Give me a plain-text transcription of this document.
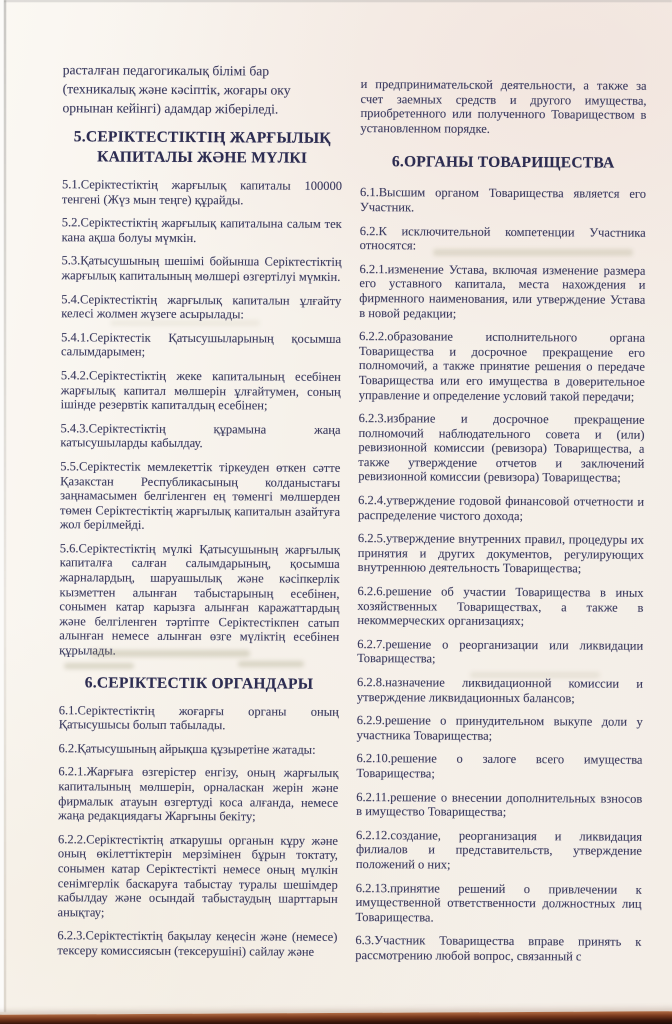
расталған педагогикалық білімі бар (техникалық және кәсіптік, жоғары оку орнынан кейінгі) адамдар жіберіледі.

5.СЕРІКТЕСТІКТІҢ ЖАРҒЫЛЫҚ КАПИТАЛЫ ЖӘНЕ МҮЛКІ

5.1.Серіктестіктің жарғылық капиталы 100000 тенгені (Жүз мын теңге) құрайды.

5.2.Серіктестіктің жарғылық капиталына салым тек кана ақша болуы мүмкін.

5.3.Қатысушының шешімі бойынша Серіктестіктің жарғылық капиталының мөлшері өзгертілуі мүмкін.

5.4.Серіктестіктің жарғылық капиталын ұлғайту келесі жолмен жүзеге асырылады:

5.4.1.Серіктестік Қатысушыларының қосымша салымдарымен;

5.4.2.Серіктестіктің жеке капиталының есебінен жарғылық капитал мөлшерін ұлғайтумен, соның ішінде резервтік капиталдың есебінен;

5.4.3.Серіктестіктің құрамына жаңа катысушыларды кабылдау.

5.5.Серіктестік мемлекеттік тіркеуден өткен сәтте Қазакстан Республикасының колданыстағы заңнамасымен белгіленген ең төменгі мөлшерден төмен Серіктестіктің жарғылық капиталын азайтуға жол берілмейді.

5.6.Серіктестіктің мүлкі Қатысушының жарғылық капиталға салған салымдарының, қосымша жарналардың, шаруашылық және кәсіпкерлік кызметтен алынған табыстарының есебінен, сонымен катар карызға алынған каражаттардың және белгіленген тәртіпте Серіктестікпен сатып алынған немесе алынған өзге мүліктің есебінен құрылады.

6.СЕРІКТЕСТІК ОРГАНДАРЫ

6.1.Серіктестіктің жоғарғы органы оның Қатысушысы болып табылады.

6.2.Қатысушының айрықша құзыретіне жатады:

6.2.1.Жарғыға өзгерістер енгізу, оның жарғылық капиталының мөлшерін, орналаскан жерін және фирмалык атауын өзгертуді коса алғанда, немесе жаңа редакциядағы Жарғыны бекіту;

6.2.2.Серіктестіктің аткарушы органын кұру және оның өкілеттіктерін мерзімінен бұрын токтату, сонымен катар Серіктестікті немесе оның мүлкін сенімгерлік баскаруға табыстау туралы шешімдер кабылдау және осындай табыстаудың шарттарын анықтау;

6.2.3.Серіктестіктің бақылау кеңесін және (немесе) тексеру комиссиясын (тексерушіні) сайлау және

и предпринимательской деятельности, а также за счет заемных средств и другого имущества, приобретенного или полученного Товариществом в установленном порядке.

6.ОРГАНЫ ТОВАРИЩЕСТВА

6.1.Высшим органом Товарищества является его Участник.

6.2.К исключительной компетенции Участника относятся:

6.2.1.изменение Устава, включая изменение размера его уставного капитала, места нахождения и фирменного наименования, или утверждение Устава в новой редакции;

6.2.2.образование исполнительного органа Товарищества и досрочное прекращение его полномочий, а также принятие решения о передаче Товарищества или его имущества в доверительное управление и определение условий такой передачи;

6.2.3.избрание и досрочное прекращение полномочий наблюдательного совета и (или) ревизионной комиссии (ревизора) Товарищества, а также утверждение отчетов и заключений ревизионной комиссии (ревизора) Товарищества;

6.2.4.утверждение годовой финансовой отчетности и распределение чистого дохода;

6.2.5.утверждение внутренних правил, процедуры их принятия и других документов, регулирующих внутреннюю деятельность Товарищества;

6.2.6.решение об участии Товарищества в иных хозяйственных Товариществах, а также в некоммерческих организациях;

6.2.7.решение о реорганизации или ликвидации Товарищества;

6.2.8.назначение ликвидационной комиссии и утверждение ликвидационных балансов;

6.2.9.решение о принудительном выкупе доли у участника Товарищества;

6.2.10.решение о залоге всего имущества Товарищества;

6.2.11.решение о внесении дополнительных взносов в имущество Товарищества;

6.2.12.создание, реорганизация и ликвидация филиалов и представительств, утверждение положений о них;

6.2.13.принятие решений о привлечении к имущественной ответственности должностных лиц Товарищества.

6.3.Участник Товарищества вправе принять к рассмотрению любой вопрос, связанный с
